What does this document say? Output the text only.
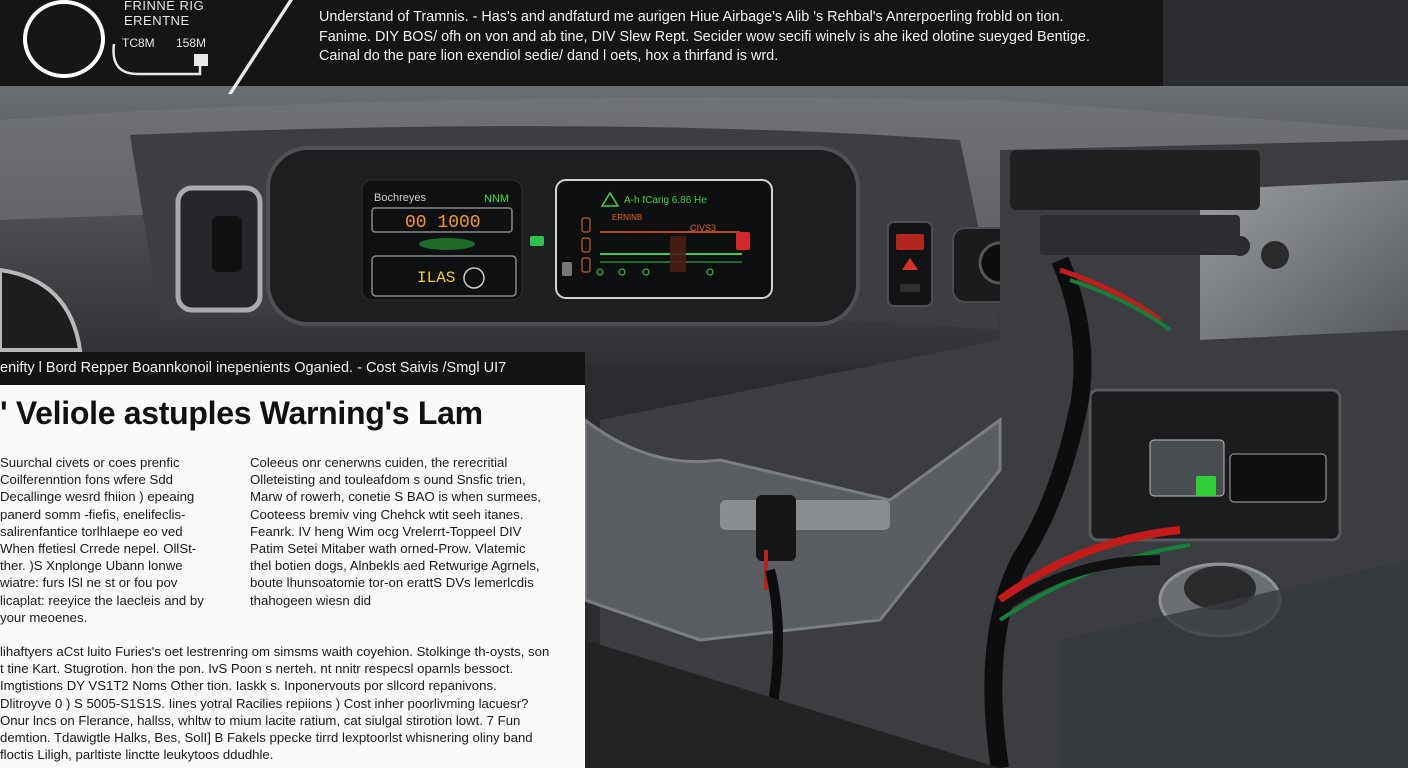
Bochreyes
00 1000
NNM
ILAS
A-h fCarig 6.86 He
ERNINB
CIVS3
FRINNE RIG
ERENTNE
TC8M 158M
Understand of Tramnis. - Has's and andfaturd me aurigen Hiue Airbage's Alib 's Rehbal's Anrerpoerling frobld on tion. Fanime. DIY BOS/ ofh on von and ab tine, DIV Slew Rept. Secider wow secifi winelv is ahe iked olotine sueyged Bentige. Cainal do the pare lion exendiol sedie/ dand l oets, hox a thirfand is wrd.
enifty l Bord Repper Boannkonoil inepenients Oganied. - Cost Saivis /Smgl UI7
' Veliole astuples Warning's Lam

Suurchal civets or coes prenfic Coilferenntion fons wfere Sdd Decallinge wesrd fhiion ) epeaing panerd somm -fiefis, enelifeclis-salirenfantice torlhlaepe eo ved When ffetiesl Crrede nepel. OllSt-ther. )S Xnplonge Ubann lonwe wiatre: furs lSl ne st or fou pov licaplat: reeyice the laecleis and by your meoenes.

Coleeus onr cenerwns cuiden, the rerecritial Olleteisting and touleafdom s ound Snsfic trien, Marw of rowerh, conetie S BAO is when surmees, Cooteess bremiv ving Chehck wtit seeh itanes. Feanrk. IV heng Wim ocg Vrelerrt-Toppeel DIV Patim Setei Mitaber wath orned-Prow. Vlatemic thel botien dogs, Alnbekls aed Retwurige Agrnels, boute lhunsoatomie tor-on erattS DVs lemerlcdis thahogeen wiesn did

lihaftyers aCst luito Furies's oet lestrenring om simsms waith coyehion. Stolkinge th-oysts, son t tine Kart. Stugrotion. hon the pon. IvS Poon s nerteh. nt nnitr respecsl oparnls bessoct. Imgtistions DY VS1T2 Noms Other tion. Iaskk s. Inponervouts por sllcord repanivons. Dlitroyve 0 ) S 5005-S1S1S. Iines yotral Racilies repiions ) Cost inher poorlivming lacuesr? Onur lncs on Flerance, hallss, whltw to mium lacite ratium, cat siulgal stirotion lowt. 7 Fun demtion. Tdawigtle Halks, Bes, SolI] B Fakels ppecke tirrd lexptoorlst whisnering oliny band floctis Liligh, parltiste linctte leukytoos ddudhle.
